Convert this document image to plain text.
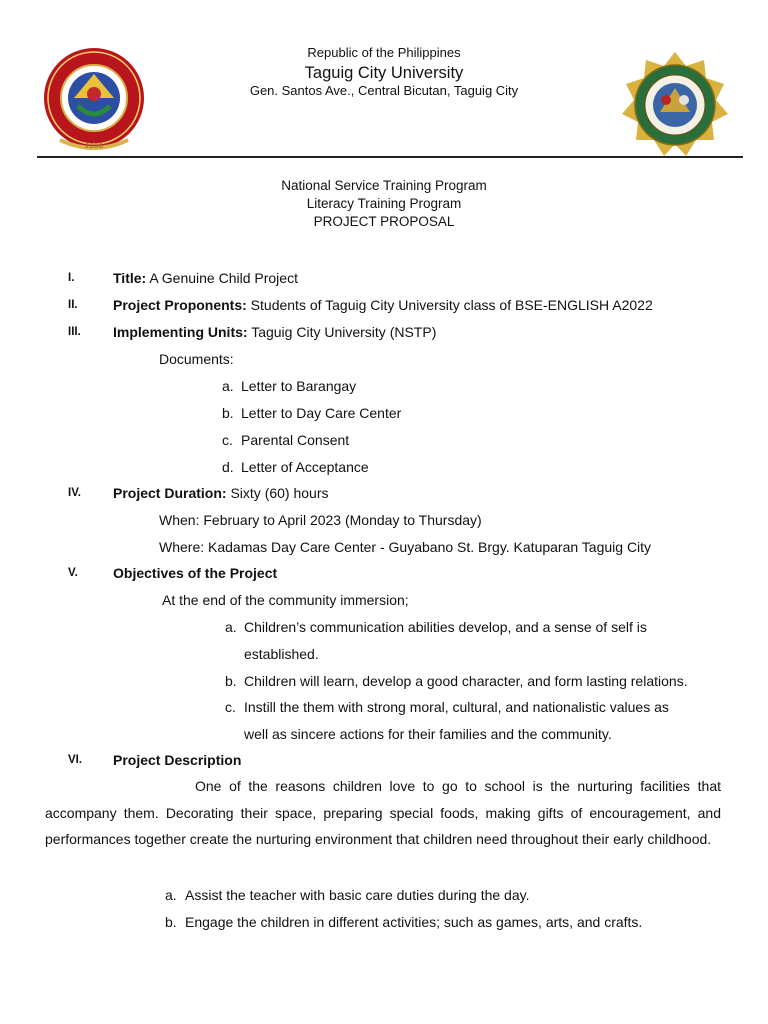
2006
Republic of the Philippines
Taguig City University
Gen. Santos Ave., Central Bicutan, Taguig City
National Service Training Program
Literacy Training Program
PROJECT PROPOSAL
I.	Title: A Genuine Child Project
II.	Project Proponents: Students of Taguig City University class of BSE-ENGLISH A2022
III. Implementing Units: Taguig City University (NSTP)
Documents:
a. Letter to Barangay
b. Letter to Day Care Center
c. Parental Consent
d. Letter of Acceptance
IV. Project Duration: Sixty (60) hours
When: February to April 2023 (Monday to Thursday)
Where: Kadamas Day Care Center - Guyabano St. Brgy. Katuparan Taguig City
V.	Objectives of the Project
At the end of the community immersion;
a. Children’s communication abilities develop, and a sense of self is
established.
b. Children will learn, develop a good character, and form lasting relations.
c. Instill the them with strong moral, cultural, and nationalistic values as
well as sincere actions for their families and the community.
VI. Project Description
One of the reasons children love to go to school is the nurturing facilities that accompany them. Decorating their space, preparing special foods, making gifts of encouragement, and performances together create the nurturing environment that children need throughout their early childhood.
a. Assist the teacher with basic care duties during the day.
b. Engage the children in different activities; such as games, arts, and crafts.
